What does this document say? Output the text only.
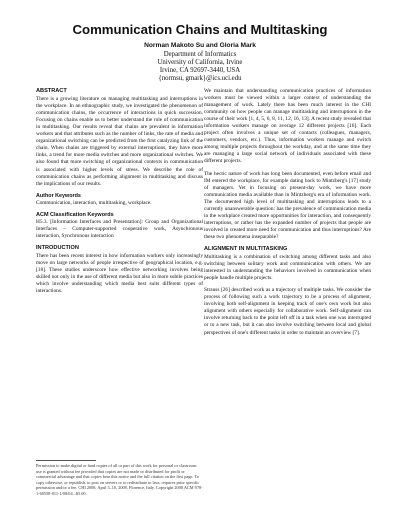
Communication Chains and Multitasking
Norman Makoto Su and Gloria Mark
Department of Informatics
University of California, Irvine
Irvine, CA 92697-3440, USA
{normsu, gmark}@ics.uci.edu
ABSTRACT
There is a growing literature on managing multitasking and interruptions in the workplace. In an ethnographic study, we investigated the phenomenon of communication chains, the occurrence of interactions in quick succession. Focusing on chains enable us to better understand the role of communication in multitasking. Our results reveal that chains are prevalent in information workers and that attributes such as the number of links, the rate of media and organizational switching can be predicted from the first catalyzing link of the chain. When chains are triggered by external interruptions, they have more links, a trend for more media switches and more organizational switches. We also found that more switching of organizational contexts in communication is associated with higher levels of stress. We describe the role of communication chains as performing alignment in multitasking and discuss the implications of our results.
Author Keywords
Communication, interaction, multitasking, workplace.
ACM Classification Keywords
H5.3. [Information Interfaces and Presentation]: Group and Organizational Interfaces – Computer-supported cooperative work, Asynchronous interaction, Synchronous interaction
INTRODUCTION
There has been recent interest in how information workers only increasingly move on large networks of people irrespective of geographical location, e.g. [18]. These studies underscore how effective networking involves being skilled not only in the use of different media but also in more subtle practices which involve understanding which media best suits different types of interactions.
Permission to make digital or hard copies of all or part of this work for personal or classroom use is granted without fee provided that copies are not made or distributed for profit or commercial advantage and that copies bear this notice and the full citation on the first page. To copy otherwise, or republish, to post on servers or to redistribute to lists, requires prior specific permission and/or a fee. CHI 2008, April 5–10, 2008, Florence, Italy. Copyright 2008 ACM 978-1-60558-011-1/08/04...$5.00.
We maintain that understanding communication practices of information workers must be viewed within a larger context of understanding the management of work. Lately there has been much interest in the CHI community on how people can manage multitasking and interruptions in the course of their work [1, 4, 5, 6, 8, 11, 12, 16, 13]. A recent study revealed that information workers manage on average 12 different projects [16]. Each project often involves a unique set of contacts (colleagues, managers, customers, vendors, etc.). Thus, information workers manage and switch among multiple projects throughout the workday, and at the same time they are managing a large social network of individuals associated with these different projects.
The hectic nature of work has long been documented, even before email and IM entered the workplace, for example dating back to Mintzberg's [17] study of managers. Yet in focusing on present-day work, we have more communication media available than in Mintzberg's era of information work. The documented high level of multitasking and interruptions leads to a currently unanswerable question: has the prevalence of communication media in the workplace created more opportunities for interaction, and consequently interruptions, or rather has the expanded number of projects that people are involved in created more need for communication and thus interruptions? Are these two phenomena inseparable?
ALIGNMENT IN MULTITASKING
Multitasking is a combination of switching among different tasks and also switching between solitary work and communication with others. We are interested in understanding the behaviors involved in communication when people handle multiple projects.
Strauss [26] described work as a trajectory of multiple tasks. We consider the process of following such a work trajectory to be a process of alignment, involving both self-alignment in keeping track of one's own work but also alignment with others especially for collaborative work. Self-alignment can involve returning back to the point left off in a task when one was interrupted or to a new task, but it can also involve switching between local and global perspectives of one's different tasks in order to maintain an overview [7].
